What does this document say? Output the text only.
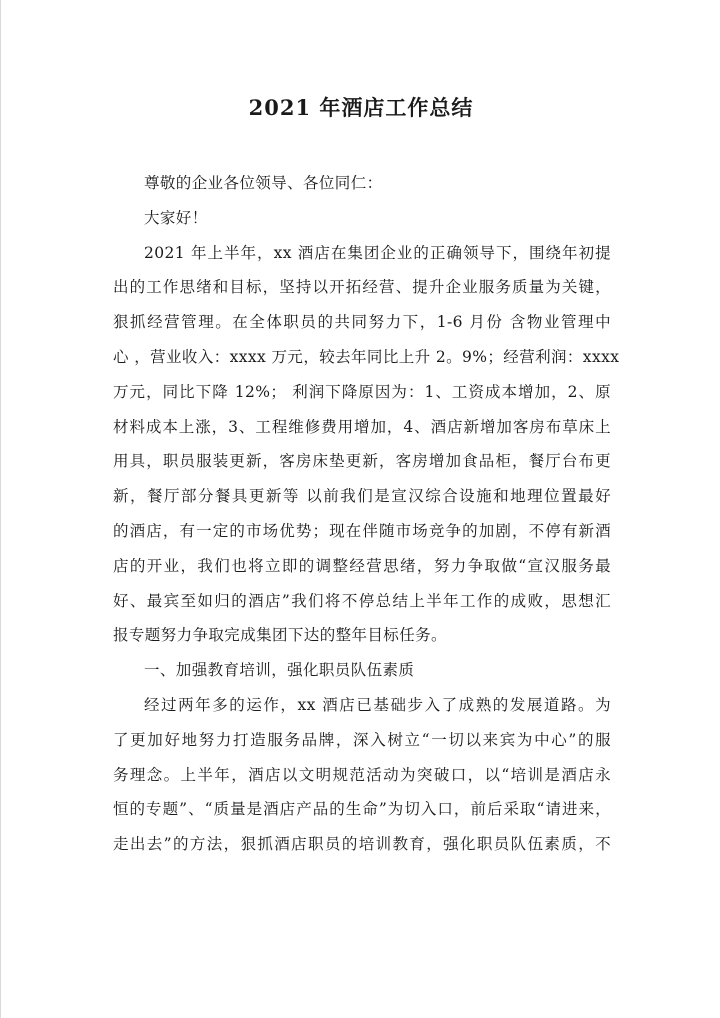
2021 年酒店工作总结
尊敬的企业各位领导、各位同仁：
大家好！
2021 年上半年，xx 酒店在集团企业的正确领导下，围绕年初提
出的工作思绪和目标，坚持以开拓经营、提升企业服务质量为关键，
狠抓经营管理。在全体职员的共同努力下，1-6 月份 含物业管理中
心 ，营业收入：xxxx 万元，较去年同比上升 2。9%；经营利润：xxxx
万元，同比下降 12%； 利润下降原因为：1、工资成本增加，2、原
材料成本上涨，3、工程维修费用增加，4、酒店新增加客房布草床上
用具，职员服装更新，客房床垫更新，客房增加食品柜，餐厅台布更
新，餐厅部分餐具更新等 以前我们是宣汉综合设施和地理位置最好
的酒店，有一定的市场优势；现在伴随市场竞争的加剧，不停有新酒
店的开业，我们也将立即的调整经营思绪，努力争取做“宣汉服务最
好、最宾至如归的酒店”我们将不停总结上半年工作的成败，思想汇
报专题努力争取完成集团下达的整年目标任务。
一、加强教育培训，强化职员队伍素质
经过两年多的运作，xx 酒店已基础步入了成熟的发展道路。为
了更加好地努力打造服务品牌，深入树立“一切以来宾为中心”的服
务理念。上半年，酒店以文明规范活动为突破口，以“培训是酒店永
恒的专题”、“质量是酒店产品的生命”为切入口，前后采取“请进来，
走出去”的方法，狠抓酒店职员的培训教育，强化职员队伍素质，不
